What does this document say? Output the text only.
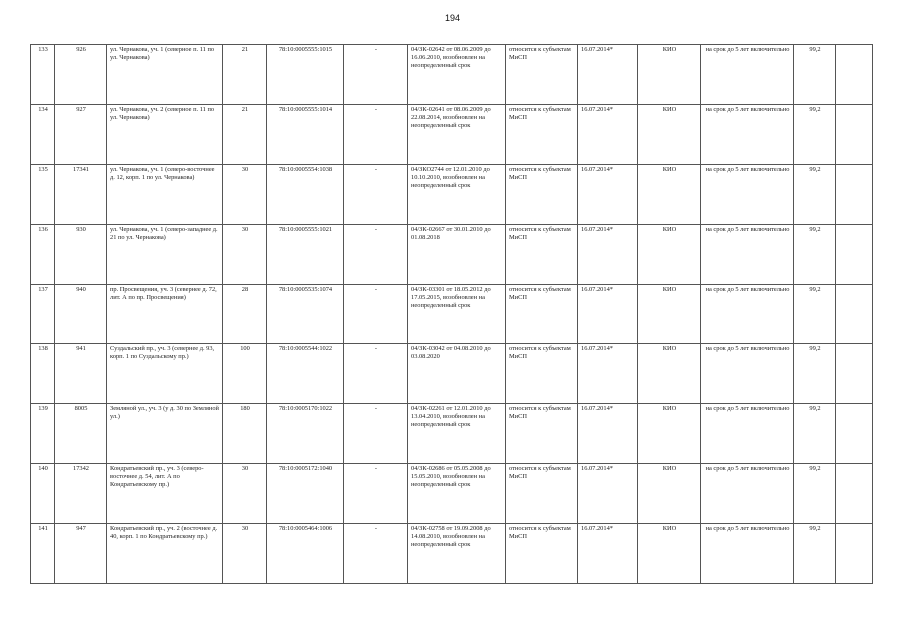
194
133	926	ул. Чернакова, уч. 1 (северное п. 11 по ул. Чернакова)	21	78:10:0005555:1015	-	04/ЗК-02642 от 08.06.2009 до 16.06.2010, возобновлен на неопределенный срок	относится к субъектам МиСП	16.07.2014*	КИО	на срок до 5 лет включительно	99,2	
134	927	ул. Чернакова, уч. 2 (северное п. 11 по ул. Чернакова)	21	78:10:0005555:1014	-	04/ЗК-02641 от 08.06.2009 до 22.08.2014, возобновлен на неопределенный срок	относится к субъектам МиСП	16.07.2014*	КИО	на срок до 5 лет включительно	99,2	
135	17341	ул. Чернакова, уч. 1 (северо-восточнее д. 12, корп. 1 по ул. Чернакова)	30	78:10:0005554:1038	-	04/ЗКО2744 от 12.01.2010 до 10.10.2010, возобновлен на неопределенный срок	относится к субъектам МиСП	16.07.2014*	КИО	на срок до 5 лет включительно	99,2	
136	930	ул. Чернакова, уч. 1 (северо-западнее д. 21 по ул. Чернакова)	30	78:10:0005555:1021	-	04/ЗК-02667 от 30.01.2010 до 01.08.2018	относится к субъектам МиСП	16.07.2014*	КИО	на срок до 5 лет включительно	99,2	
137	940	пр. Просвещения, уч. 3 (севернее д. 72, лит. А по пр. Просвещения)	28	78:10:0005535:1074	-	04/ЗК-03301 от 18.05.2012 до 17.05.2015, возобновлен на неопределенный срок	относится к субъектам МиСП	16.07.2014*	КИО	на срок до 5 лет включительно	99,2	
138	941	Суздальский пр., уч. 3 (севернее д. 93, корп. 1 по Суздальскому пр.)	100	78:10:0005544:1022	-	04/ЗК-03042 от 04.08.2010 до 03.08.2020	относится к субъектам МиСП	16.07.2014*	КИО	на срок до 5 лет включительно	99,2	
139	8005	Земляной ул., уч. 3 (у д. 30 по Земляной ул.)	180	78:10:0005170:1022	-	04/ЗК-02261 от 12.01.2010 до 13.04.2010, возобновлен на неопределенный срок	относится к субъектам МиСП	16.07.2014*	КИО	на срок до 5 лет включительно	99,2	
140	17342	Кондратьевский пр., уч. 3 (северо-восточнее д. 54, лит. А по Кондратьевскому пр.)	30	78:10:0005172:1040	-	04/ЗК-02686 от 05.05.2008 до 15.05.2010, возобновлен на неопределенный срок	относится к субъектам МиСП	16.07.2014*	КИО	на срок до 5 лет включительно	99,2	
141	947	Кондратьевский пр., уч. 2 (восточнее д. 40, корп. 1 по Кондратьевскому пр.)	30	78:10:0005464:1006	-	04/ЗК-02758 от 19.09.2008 до 14.08.2010, возобновлен на неопределенный срок	относится к субъектам МиСП	16.07.2014*	КИО	на срок до 5 лет включительно	99,2	
